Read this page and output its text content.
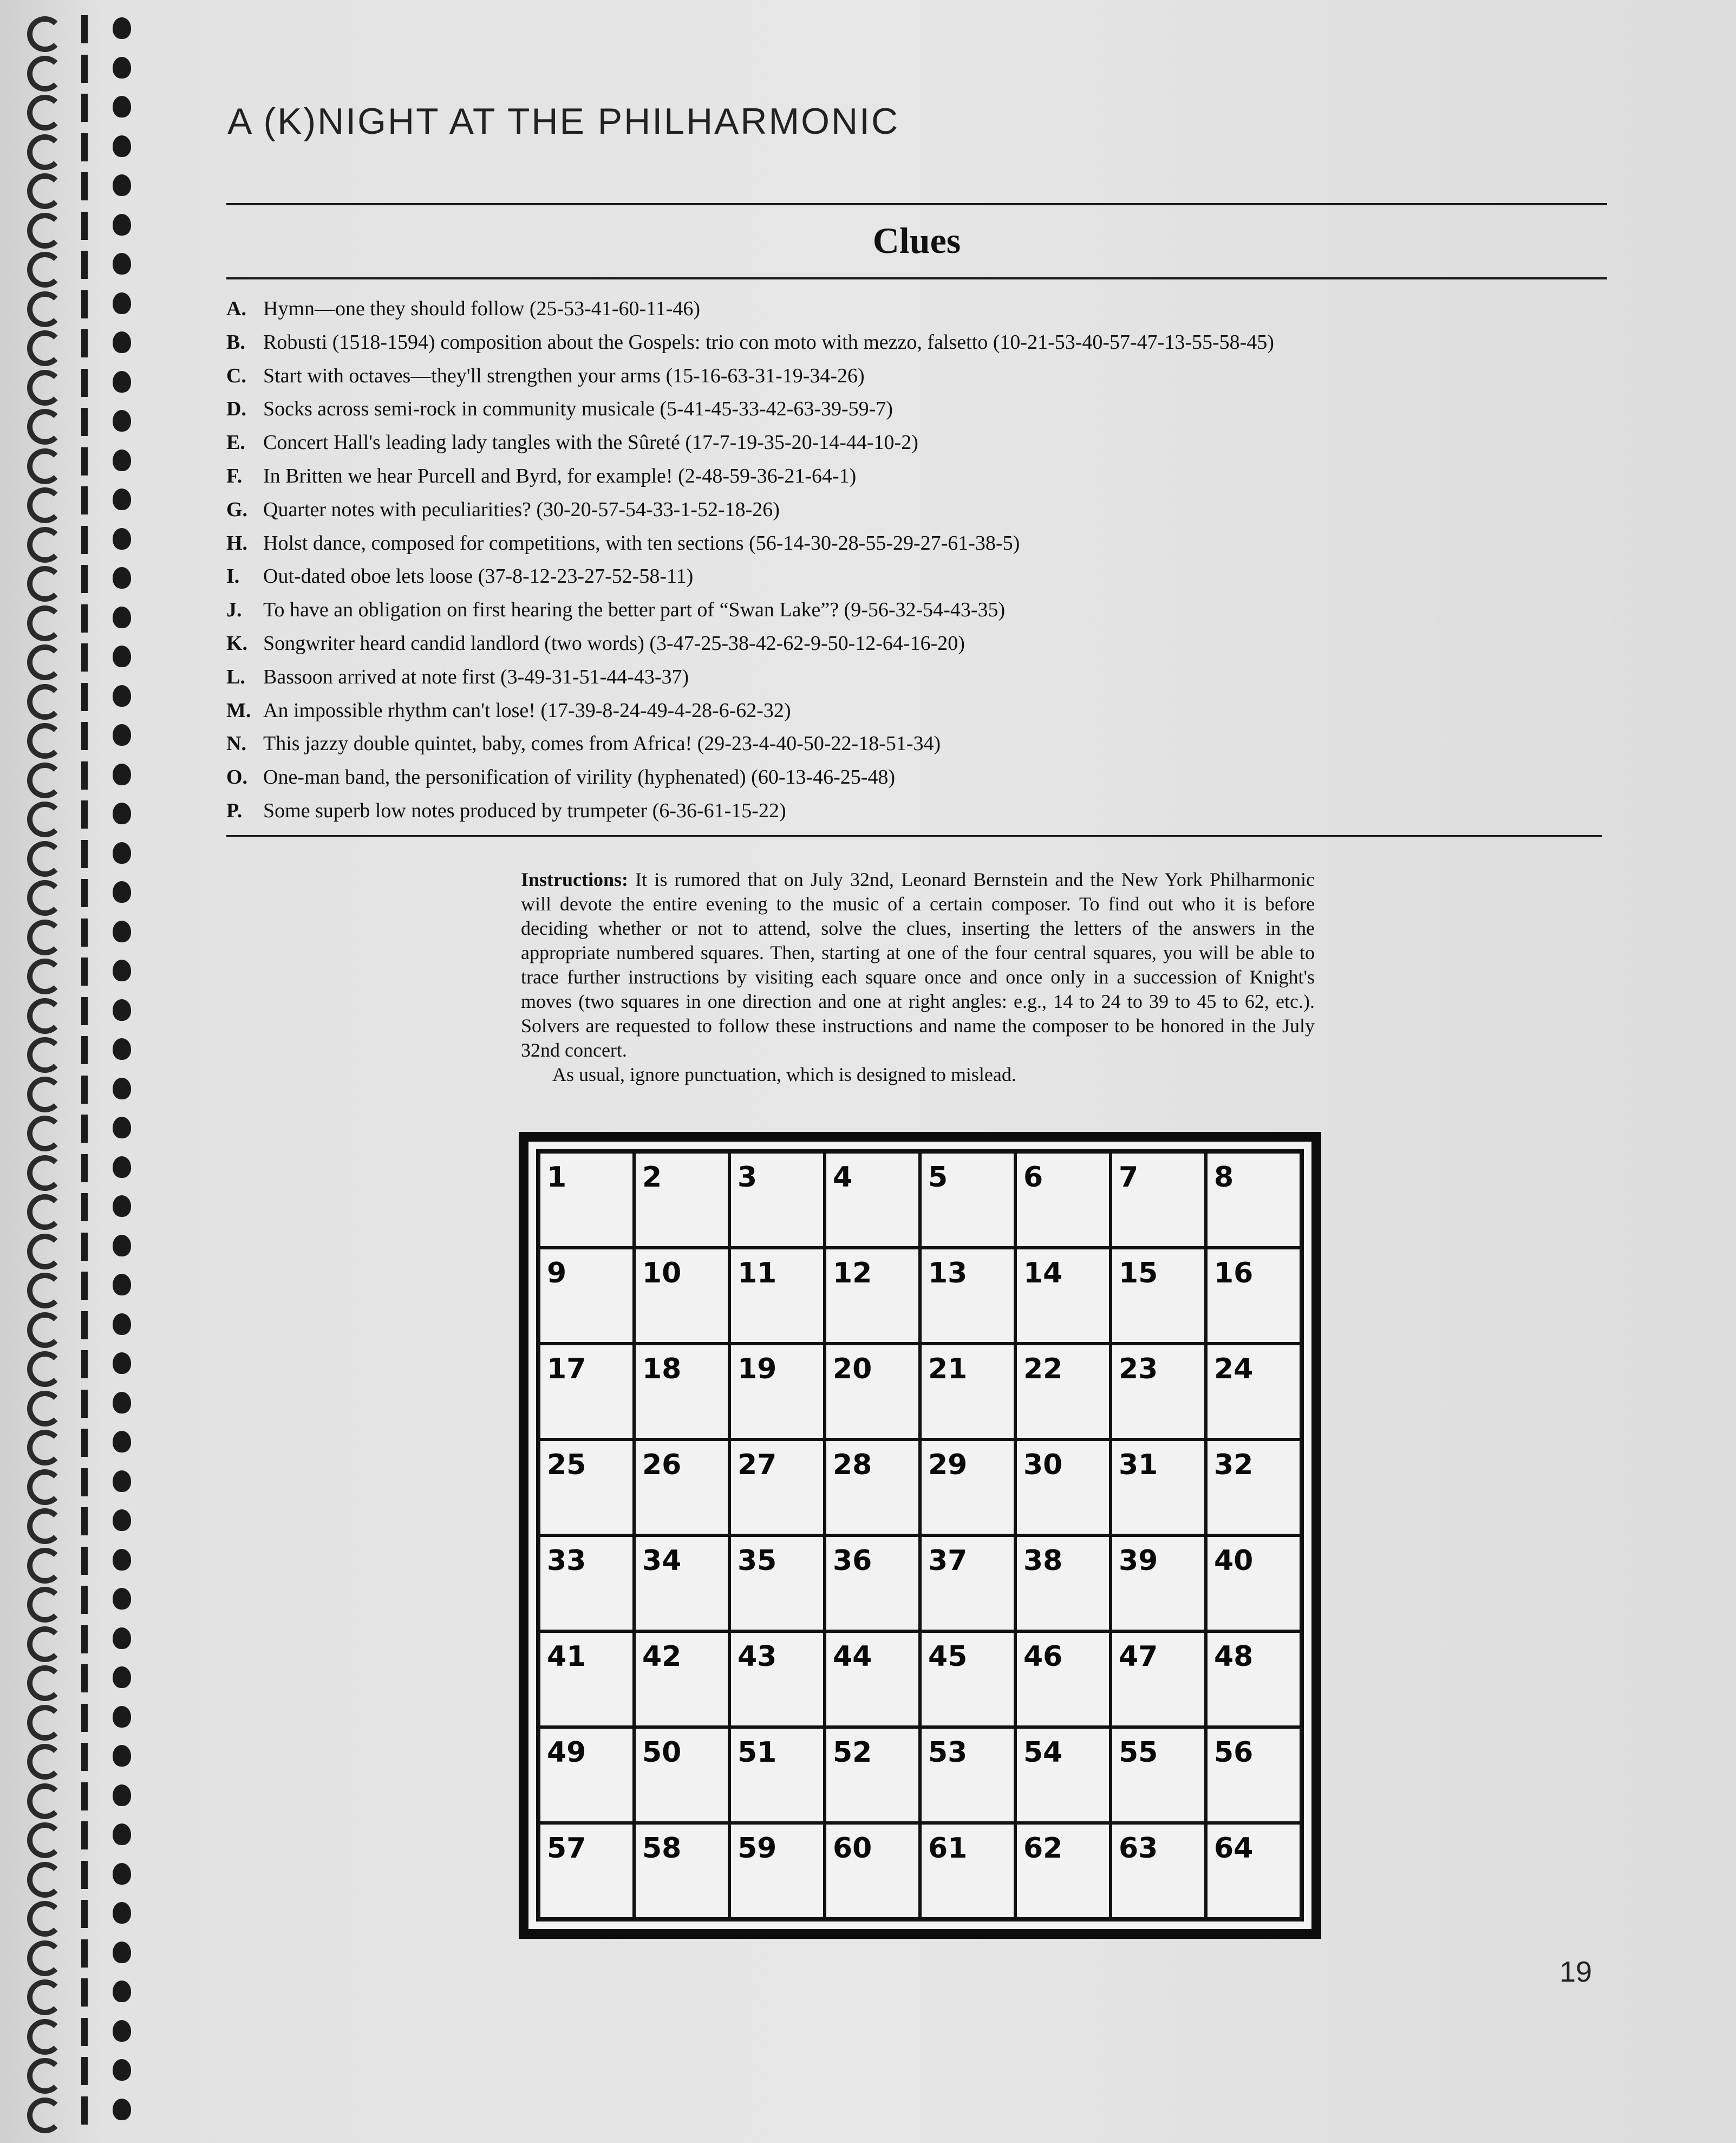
A (K)NIGHT AT THE PHILHARMONIC
Clues
A. Hymn—one they should follow (25-53-41-60-11-46)
B. Robusti (1518-1594) composition about the Gospels: trio con moto with mezzo, falsetto (10-21-53-40-57-47-13-55-58-45)
C. Start with octaves—they'll strengthen your arms (15-16-63-31-19-34-26)
D. Socks across semi-rock in community musicale (5-41-45-33-42-63-39-59-7)
E. Concert Hall's leading lady tangles with the Sûreté (17-7-19-35-20-14-44-10-2)
F. In Britten we hear Purcell and Byrd, for example! (2-48-59-36-21-64-1)
G. Quarter notes with peculiarities? (30-20-57-54-33-1-52-18-26)
H. Holst dance, composed for competitions, with ten sections (56-14-30-28-55-29-27-61-38-5)
I. Out-dated oboe lets loose (37-8-12-23-27-52-58-11)
J. To have an obligation on first hearing the better part of “Swan Lake”? (9-56-32-54-43-35)
K. Songwriter heard candid landlord (two words) (3-47-25-38-42-62-9-50-12-64-16-20)
L. Bassoon arrived at note first (3-49-31-51-44-43-37)
M. An impossible rhythm can't lose! (17-39-8-24-49-4-28-6-62-32)
N. This jazzy double quintet, baby, comes from Africa! (29-23-4-40-50-22-18-51-34)
O. One-man band, the personification of virility (hyphenated) (60-13-46-25-48)
P. Some superb low notes produced by trumpeter (6-36-61-15-22)
Instructions: It is rumored that on July 32nd, Leonard Bernstein and the New York Philharmonic will devote the entire evening to the music of a certain composer. To find out who it is before deciding whether or not to attend, solve the clues, inserting the letters of the answers in the appropriate numbered squares. Then, starting at one of the four central squares, you will be able to trace further instructions by visiting each square once and once only in a succession of Knight's moves (two squares in one direction and one at right angles: e.g., 14 to 24 to 39 to 45 to 62, etc.). Solvers are requested to follow these instructions and name the composer to be honored in the July 32nd concert.
As usual, ignore punctuation, which is designed to mislead.
1	2	3	4	5	6	7	8
9	10 11 12 13 14 15 16
17 18 19 20 21 22 23 24
25 26 27 28 29 30 31 32
33 34 35 36 37 38 39 40
41 42 43 44 45 46 47 48
49 50 51 52 53 54 55 56
57 58 59 60 61 62 63 64
19
